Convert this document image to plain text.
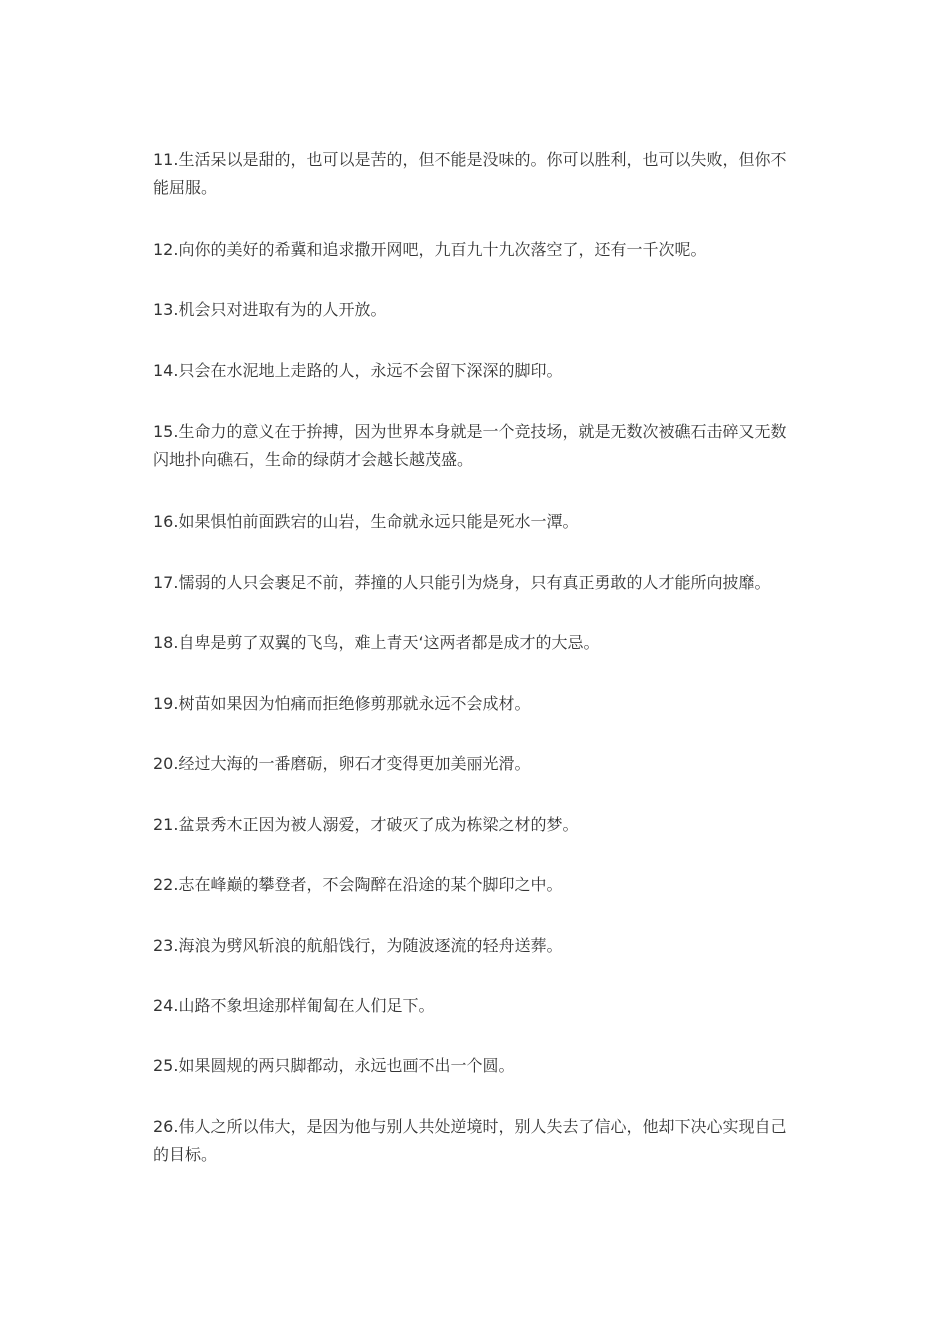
11.生活呆以是甜的，也可以是苦的，但不能是没味的。你可以胜利，也可以失败，但你不能屈服。

12.向你的美好的希冀和追求撒开网吧，九百九十九次落空了，还有一千次呢。

13.机会只对进取有为的人开放。

14.只会在水泥地上走路的人，永远不会留下深深的脚印。

15.生命力的意义在于拚搏，因为世界本身就是一个竞技场，就是无数次被礁石击碎又无数闪地扑向礁石，生命的绿荫才会越长越茂盛。

16.如果惧怕前面跌宕的山岩，生命就永远只能是死水一潭。

17.懦弱的人只会裹足不前，莽撞的人只能引为烧身，只有真正勇敢的人才能所向披靡。

18.自卑是剪了双翼的飞鸟，难上青天‘这两者都是成才的大忌。

19.树苗如果因为怕痛而拒绝修剪那就永远不会成材。

20.经过大海的一番磨砺，卵石才变得更加美丽光滑。

21.盆景秀木正因为被人溺爱，才破灭了成为栋梁之材的梦。

22.志在峰巅的攀登者，不会陶醉在沿途的某个脚印之中。

23.海浪为劈风斩浪的航船饯行，为随波逐流的轻舟送葬。

24.山路不象坦途那样匍匐在人们足下。

25.如果圆规的两只脚都动，永远也画不出一个圆。

26.伟人之所以伟大，是因为他与别人共处逆境时，别人失去了信心，他却下决心实现自己的目标。
